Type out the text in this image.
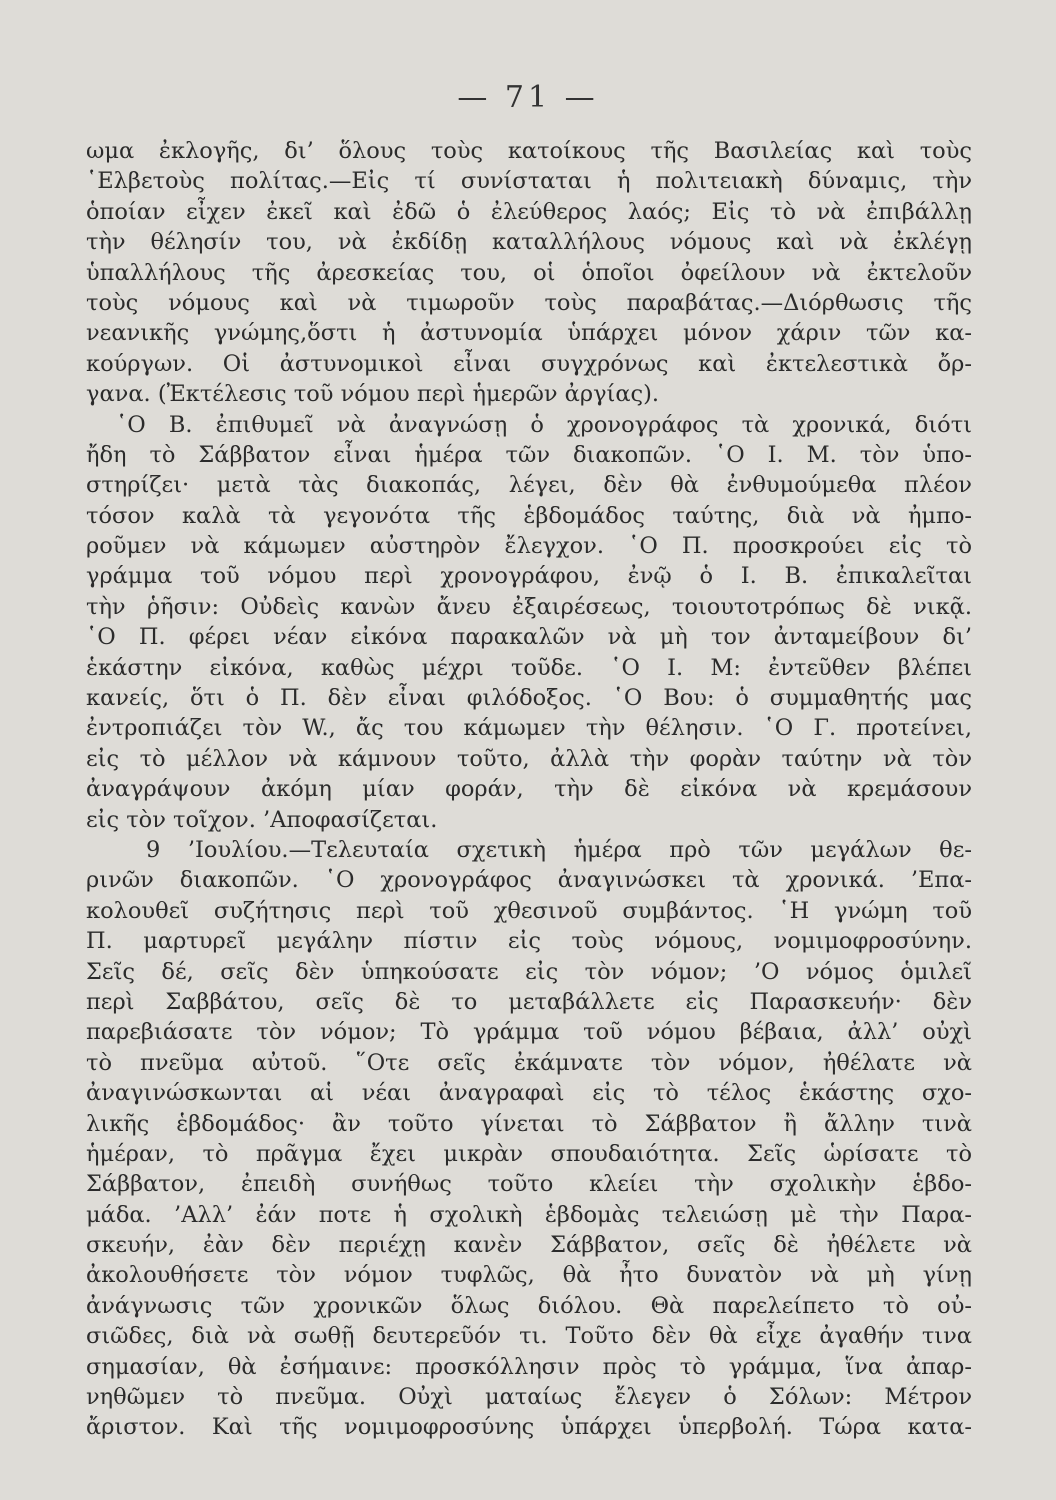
— 71 —
ωμα ἐκλογῆς, δι’ ὅλους τοὺς κατοίκους τῆς Βασιλείας καὶ τοὺς
῾Ελβετοὺς πολίτας.—Εἰς τί συνίσταται ἡ πολιτειακὴ δύναμις, τὴν
ὁποίαν εἶχεν ἐκεῖ καὶ ἐδῶ ὁ ἐλεύθερος λαός; Εἰς τὸ νὰ ἐπιβάλλῃ
τὴν θέλησίν του, νὰ ἐκδίδῃ καταλλήλους νόμους καὶ νὰ ἐκλέγῃ
ὑπαλλήλους τῆς ἀρεσκείας του, οἱ ὁποῖοι ὀφείλουν νὰ ἐκτελοῦν
τοὺς νόμους καὶ νὰ τιμωροῦν τοὺς παραβάτας.—Διόρθωσις τῆς
νεανικῆς γνώμης,ὅστι ἡ ἀστυνομία ὑπάρχει μόνον χάριν τῶν κα-
κούργων. Οἱ ἀστυνομικοὶ εἶναι συγχρόνως καὶ ἐκτελεστικὰ ὄρ-
γανα. (Ἐκτέλεσις τοῦ νόμου περὶ ἡμερῶν ἀργίας).
῾Ο Β. ἐπιθυμεῖ νὰ ἀναγνώσῃ ὁ χρονογράφος τὰ χρονικά, διότι
ἤδη τὸ Σάββατον εἶναι ἡμέρα τῶν διακοπῶν. ῾Ο Ι. Μ. τὸν ὑπο-
στηρίζει· μετὰ τὰς διακοπάς, λέγει, δὲν θὰ ἐνθυμούμεθα πλέον
τόσον καλὰ τὰ γεγονότα τῆς ἑβδομάδος ταύτης, διὰ νὰ ἠμπο-
ροῦμεν νὰ κάμωμεν αὐστηρὸν ἔλεγχον. ῾Ο Π. προσκρούει εἰς τὸ
γράμμα τοῦ νόμου περὶ χρονογράφου, ἐνῷ ὁ Ι. Β. ἐπικαλεῖται
τὴν ῥῆσιν: Οὐδεὶς κανὼν ἄνευ ἐξαιρέσεως, τοιουτοτρόπως δὲ νικᾷ.
῾Ο Π. φέρει νέαν εἰκόνα παρακαλῶν νὰ μὴ τον ἀνταμείβουν δι’
ἑκάστην εἰκόνα, καθὼς μέχρι τοῦδε. ῾Ο Ι. Μ: ἐντεῦθεν βλέπει
κανείς, ὅτι ὁ Π. δὲν εἶναι φιλόδοξος. ῾Ο Βου: ὁ συμμαθητής μας
ἐντροπιάζει τὸν W., ἄς του κάμωμεν τὴν θέλησιν. ῾Ο Γ. προτείνει,
εἰς τὸ μέλλον νὰ κάμνουν τοῦτο, ἀλλὰ τὴν φορὰν ταύτην νὰ τὸν
ἀναγράψουν ἀκόμη μίαν φοράν, τὴν δὲ εἰκόνα νὰ κρεμάσουν
εἰς τὸν τοῖχον. ’Αποφασίζεται.
9 ’Ιουλίου.—Τελευταία σχετικὴ ἡμέρα πρὸ τῶν μεγάλων θε-
ρινῶν διακοπῶν. ῾Ο χρονογράφος ἀναγινώσκει τὰ χρονικά. ’Επα-
κολουθεῖ συζήτησις περὶ τοῦ χθεσινοῦ συμβάντος. ῾Η γνώμη τοῦ
Π. μαρτυρεῖ μεγάλην πίστιν εἰς τοὺς νόμους, νομιμοφροσύνην.
Σεῖς δέ, σεῖς δὲν ὑπηκούσατε εἰς τὸν νόμον; ’Ο νόμος ὁμιλεῖ
περὶ Σαββάτου, σεῖς δὲ το μεταβάλλετε εἰς Παρασκευήν· δὲν
παρεβιάσατε τὸν νόμον; Τὸ γράμμα τοῦ νόμου βέβαια, ἀλλ’ οὐχὶ
τὸ πνεῦμα αὐτοῦ. ῞Οτε σεῖς ἐκάμνατε τὸν νόμον, ἠθέλατε νὰ
ἀναγινώσκωνται αἱ νέαι ἀναγραφαὶ εἰς τὸ τέλος ἑκάστης σχο-
λικῆς ἑβδομάδος· ἂν τοῦτο γίνεται τὸ Σάββατον ἢ ἄλλην τινὰ
ἡμέραν, τὸ πρᾶγμα ἔχει μικρὰν σπουδαιότητα. Σεῖς ὡρίσατε τὸ
Σάββατον, ἐπειδὴ συνήθως τοῦτο κλείει τὴν σχολικὴν ἑβδο-
μάδα. ’Αλλ’ ἐάν ποτε ἡ σχολικὴ ἑβδομὰς τελειώσῃ μὲ τὴν Παρα-
σκευήν, ἐὰν δὲν περιέχῃ κανὲν Σάββατον, σεῖς δὲ ἠθέλετε νὰ
ἀκολουθήσετε τὸν νόμον τυφλῶς, θὰ ἦτο δυνατὸν νὰ μὴ γίνῃ
ἀνάγνωσις τῶν χρονικῶν ὅλως διόλου. Θὰ παρελείπετο τὸ οὐ-
σιῶδες, διὰ νὰ σωθῇ δευτερεῦόν τι. Τοῦτο δὲν θὰ εἶχε ἀγαθήν τινα
σημασίαν, θὰ ἐσήμαινε: προσκόλλησιν πρὸς τὸ γράμμα, ἵνα ἀπαρ-
νηθῶμεν τὸ πνεῦμα. Οὐχὶ ματαίως ἔλεγεν ὁ Σόλων: Μέτρον
ἄριστον. Καὶ τῆς νομιμοφροσύνης ὑπάρχει ὑπερβολή. Τώρα κατα-
